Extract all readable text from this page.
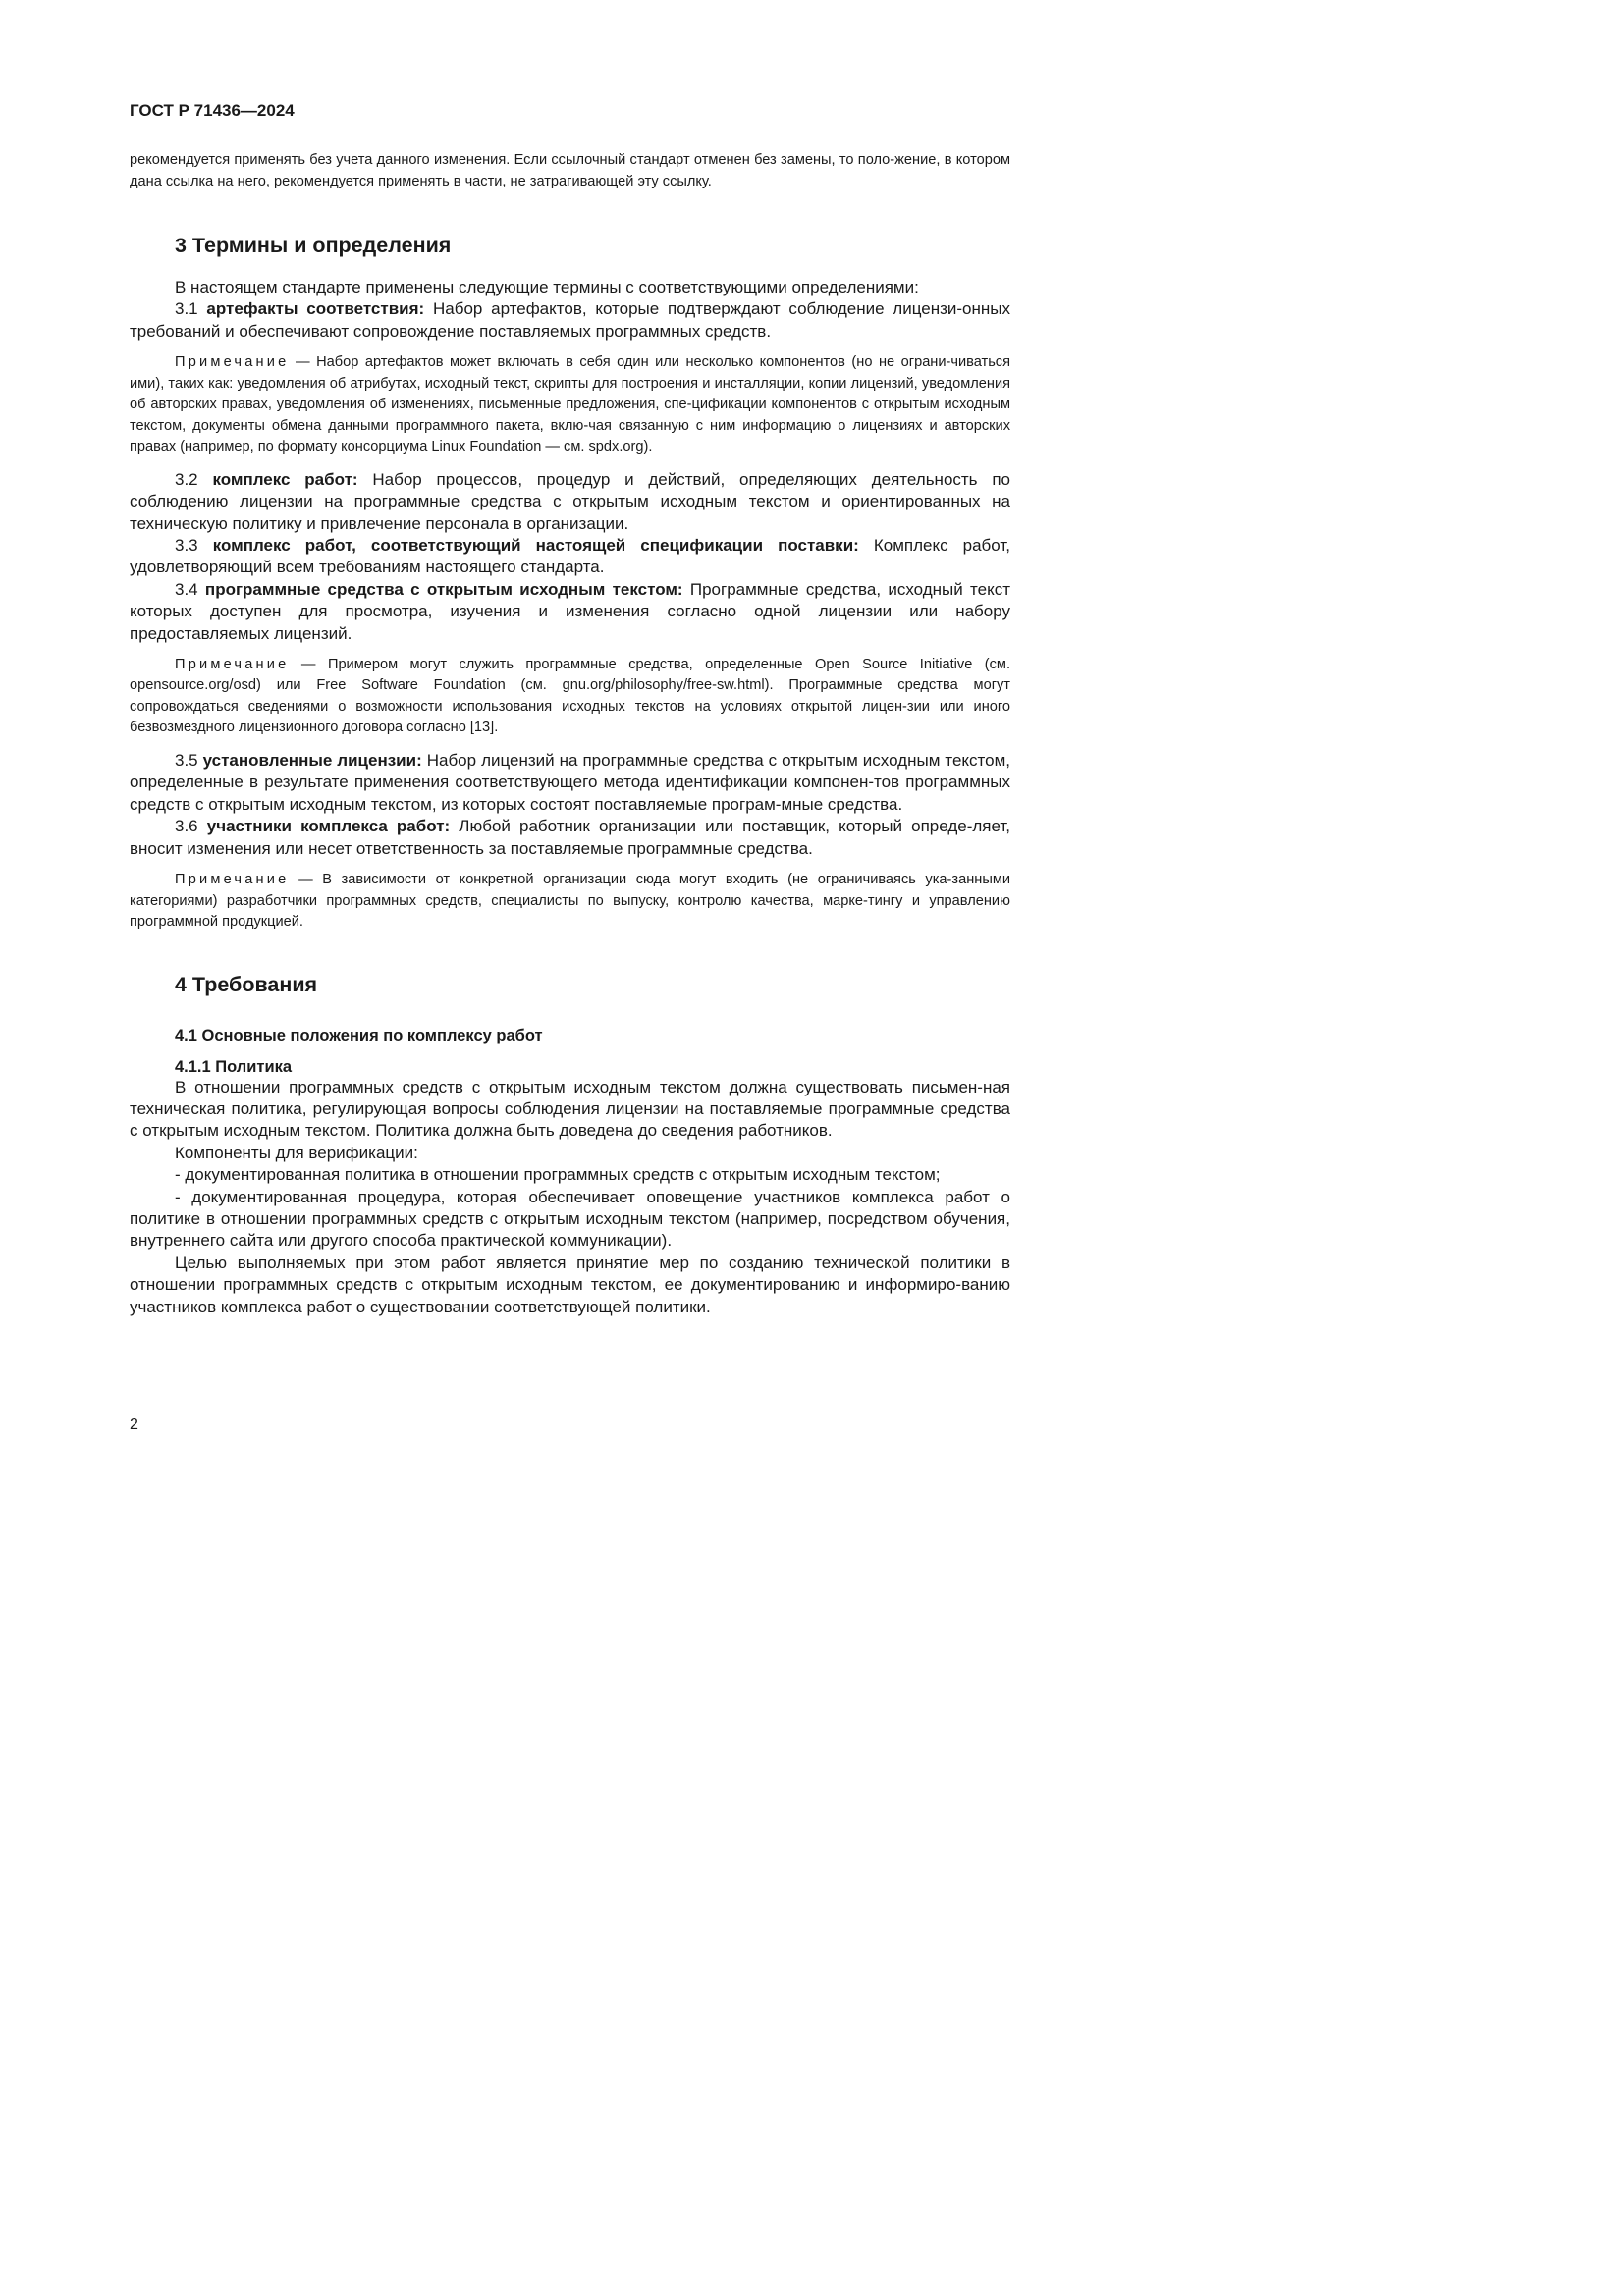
ГОСТ Р 71436—2024

рекомендуется применять без учета данного изменения. Если ссылочный стандарт отменен без замены, то поло-жение, в котором дана ссылка на него, рекомендуется применять в части, не затрагивающей эту ссылку.

3 Термины и определения

В настоящем стандарте применены следующие термины с соответствующими определениями:

3.1 артефакты соответствия: Набор артефактов, которые подтверждают соблюдение лицензи-онных требований и обеспечивают сопровождение поставляемых программных средств.

Примечание — Набор артефактов может включать в себя один или несколько компонентов (но не ограни-чиваться ими), таких как: уведомления об атрибутах, исходный текст, скрипты для построения и инсталляции, копии лицензий, уведомления об авторских правах, уведомления об изменениях, письменные предложения, спе-цификации компонентов с открытым исходным текстом, документы обмена данными программного пакета, вклю-чая связанную с ним информацию о лицензиях и авторских правах (например, по формату консорциума Linux Foundation — см. spdx.org).

3.2 комплекс работ: Набор процессов, процедур и действий, определяющих деятельность по соблюдению лицензии на программные средства с открытым исходным текстом и ориентированных на техническую политику и привлечение персонала в организации.

3.3 комплекс работ, соответствующий настоящей спецификации поставки: Комплекс работ, удовлетворяющий всем требованиям настоящего стандарта.

3.4 программные средства с открытым исходным текстом: Программные средства, исходный текст которых доступен для просмотра, изучения и изменения согласно одной лицензии или набору предоставляемых лицензий.

Примечание — Примером могут служить программные средства, определенные Open Source Initiative (см. opensource.org/osd) или Free Software Foundation (см. gnu.org/philosophy/free-sw.html). Программные средства могут сопровождаться сведениями о возможности использования исходных текстов на условиях открытой лицен-зии или иного безвозмездного лицензионного договора согласно [13].

3.5 установленные лицензии: Набор лицензий на программные средства с открытым исходным текстом, определенные в результате применения соответствующего метода идентификации компонен-тов программных средств с открытым исходным текстом, из которых состоят поставляемые програм-мные средства.

3.6 участники комплекса работ: Любой работник организации или поставщик, который опреде-ляет, вносит изменения или несет ответственность за поставляемые программные средства.

Примечание — В зависимости от конкретной организации сюда могут входить (не ограничиваясь ука-занными категориями) разработчики программных средств, специалисты по выпуску, контролю качества, марке-тингу и управлению программной продукцией.

4 Требования
4.1 Основные положения по комплексу работ
4.1.1 Политика

В отношении программных средств с открытым исходным текстом должна существовать письмен-ная техническая политика, регулирующая вопросы соблюдения лицензии на поставляемые программные средства с открытым исходным текстом. Политика должна быть доведена до сведения работников.

Компоненты для верификации:

- документированная политика в отношении программных средств с открытым исходным текстом;

- документированная процедура, которая обеспечивает оповещение участников комплекса работ о политике в отношении программных средств с открытым исходным текстом (например, посредством обучения, внутреннего сайта или другого способа практической коммуникации).

Целью выполняемых при этом работ является принятие мер по созданию технической политики в отношении программных средств с открытым исходным текстом, ее документированию и информиро-ванию участников комплекса работ о существовании соответствующей политики.

2
